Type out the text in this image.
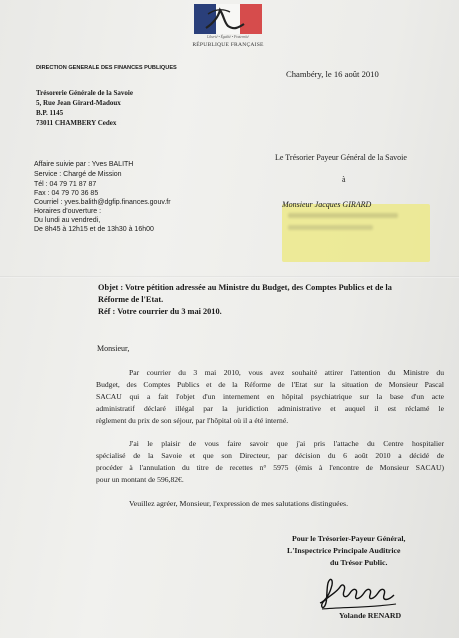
Liberté • Égalité • Fraternité
RÉPUBLIQUE FRANÇAISE
DIRECTION GENERALE DES FINANCES PUBLIQUES
Chambéry, le 16 août 2010
Trésorerie Générale de la Savoie
5, Rue Jean Girard-Madoux
B.P. 1145
73011 CHAMBERY Cedex
Affaire suivie par : Yves BALITH
Service : Chargé de Mission
Tél : 04 79 71 87 87
Fax : 04 79 70 36 85
Courriel : yves.balith@dgfip.finances.gouv.fr
Horaires d'ouverture :
Du lundi au vendredi,
De 8h45 à 12h15 et de 13h30 à 16h00
Le Trésorier Payeur Général de la Savoie
à
Monsieur Jacques GIRARD
Objet : Votre pétition adressée au Ministre du Budget, des Comptes Publics et de la
Réforme de l'Etat.
Réf : Votre courrier du 3 mai 2010.
Monsieur,
Par courrier du 3 mai 2010, vous avez souhaité attirer l'attention du Ministre du
Budget, des Comptes Publics et de la Réforme de l'Etat sur la situation de Monsieur Pascal
SACAU qui a fait l'objet d'un internement en hôpital psychiatrique sur la base d'un acte
administratif déclaré illégal par la juridiction administrative et auquel il est réclamé le
règlement du prix de son séjour, par l'hôpital où il a été interné.
J'ai le plaisir de vous faire savoir que j'ai pris l'attache du Centre hospitalier
spécialisé de la Savoie et que son Directeur, par décision du 6 août 2010 a décidé de
procéder à l'annulation du titre de recettes n° 5975 (émis à l'encontre de Monsieur SACAU)
pour un montant de 596,82€.
Veuillez agréer, Monsieur, l'expression de mes salutations distinguées.
Pour le Trésorier-Payeur Général,
L'Inspectrice Principale Auditrice
du Trésor Public.
Yolande RENARD
